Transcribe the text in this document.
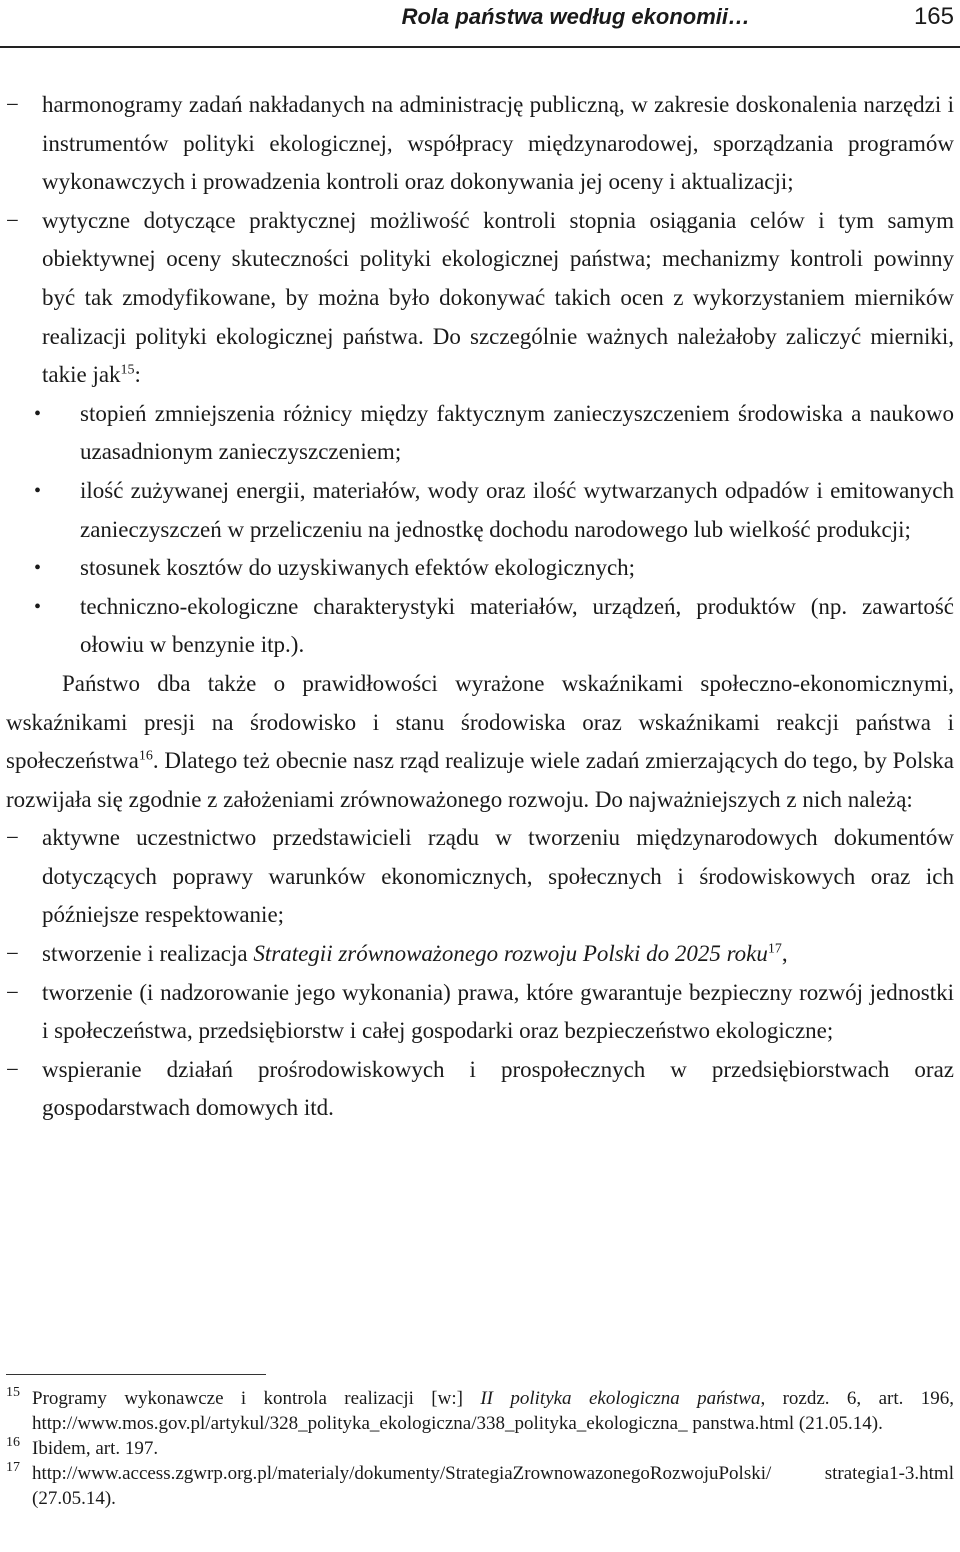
Rola państwa według ekonomii…	165
− harmonogramy zadań nakładanych na administrację publiczną, w zakresie doskonalenia narzędzi i instrumentów polityki ekologicznej, współpracy międzynarodowej, sporządzania programów wykonawczych i prowadzenia kontroli oraz dokonywania jej oceny i aktualizacji;
− wytyczne dotyczące praktycznej możliwość kontroli stopnia osiągania celów i tym samym obiektywnej oceny skuteczności polityki ekologicznej państwa; mechanizmy kontroli powinny być tak zmodyfikowane, by można było dokonywać takich ocen z wykorzystaniem mierników realizacji polityki ekologicznej państwa. Do szczególnie ważnych należałoby zaliczyć mierniki, takie jak$^{15}$:
• stopień zmniejszenia różnicy między faktycznym zanieczyszczeniem środowiska a naukowo uzasadnionym zanieczyszczeniem;
• ilość zużywanej energii, materiałów, wody oraz ilość wytwarzanych odpadów i emitowanych zanieczyszczeń w przeliczeniu na jednostkę dochodu narodowego lub wielkość produkcji;
• stosunek kosztów do uzyskiwanych efektów ekologicznych;
• techniczno-ekologiczne charakterystyki materiałów, urządzeń, produktów (np. zawartość ołowiu w benzynie itp.).
Państwo dba także o prawidłowości wyrażone wskaźnikami społeczno-ekonomicznymi, wskaźnikami presji na środowisko i stanu środowiska oraz wskaźnikami reakcji państwa i społeczeństwa$^{16}$. Dlatego też obecnie nasz rząd realizuje wiele zadań zmierzających do tego, by Polska rozwijała się zgodnie z założeniami zrównoważonego rozwoju. Do najważniejszych z nich należą:
− aktywne uczestnictwo przedstawicieli rządu w tworzeniu międzynarodowych dokumentów dotyczących poprawy warunków ekonomicznych, społecznych i środowiskowych oraz ich późniejsze respektowanie;
− stworzenie i realizacja Strategii zrównoważonego rozwoju Polski do 2025 roku$^{17}$,
− tworzenie (i nadzorowanie jego wykonania) prawa, które gwarantuje bezpieczny rozwój jednostki i społeczeństwa, przedsiębiorstw i całej gospodarki oraz bezpieczeństwo ekologiczne;
− wspieranie działań prośrodowiskowych i prospołecznych w przedsiębiorstwach oraz gospodarstwach domowych itd.
15 Programy wykonawcze i kontrola realizacji [w:] II polityka ekologiczna państwa, rozdz. 6, art. 196, http://www.mos.gov.pl/artykul/328_polityka_ekologiczna/338_polityka_ekologiczna_ panstwa.html (21.05.14).
16 Ibidem, art. 197.
17 http://www.access.zgwrp.org.pl/materialy/dokumenty/StrategiaZrownowazonegoRozwojuPolski/ strategia1-3.html (27.05.14).
